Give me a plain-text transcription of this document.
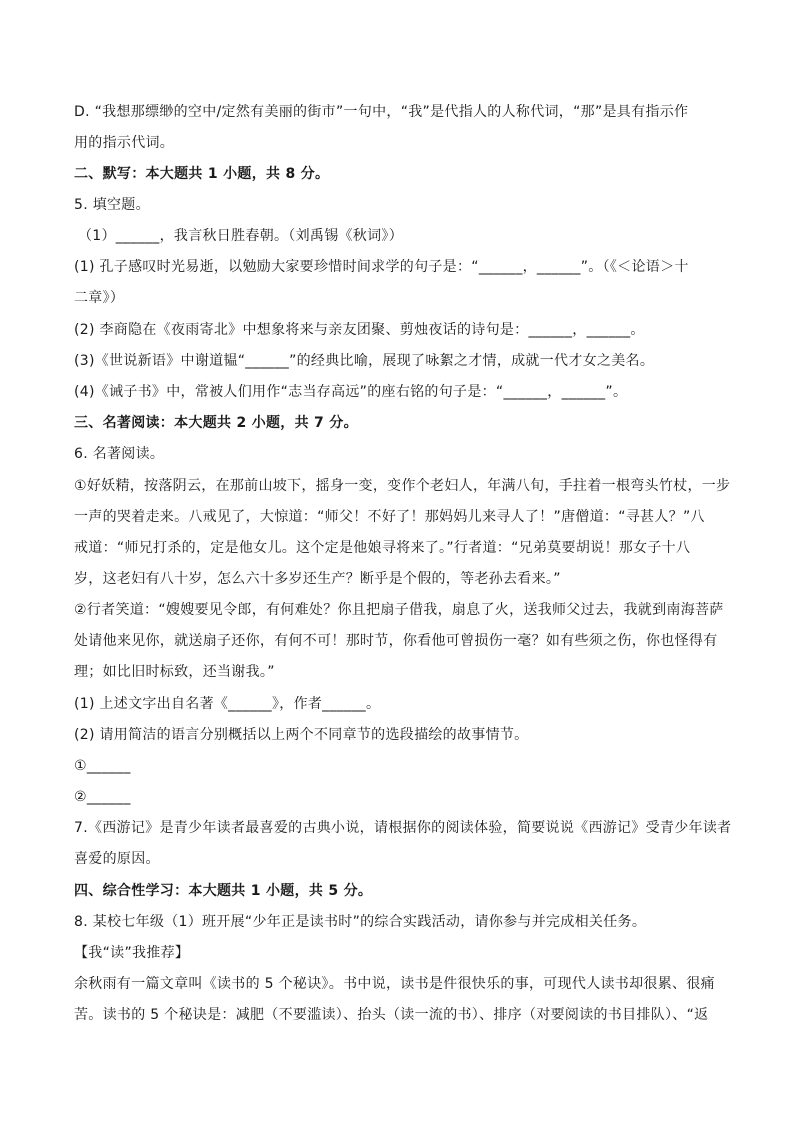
D. “我想那缥缈的空中/定然有美丽的街市”一句中，“我”是代指人的人称代词，“那”是具有指示作
用的指示代词。
二、默写：本大题共 1 小题，共 8 分。
5. 填空题。
（1）______，我言秋日胜春朝。（刘禹锡《秋词》）
(1) 孔子感叹时光易逝，以勉励大家要珍惜时间求学的句子是：“______，______”。（《＜论语＞十
二章》）
(2) 李商隐在《夜雨寄北》中想象将来与亲友团聚、剪烛夜话的诗句是：______，______。
(3)《世说新语》中谢道韫“______”的经典比喻，展现了咏絮之才情，成就一代才女之美名。
(4)《诫子书》中，常被人们用作“志当存高远”的座右铭的句子是：“______，______”。
三、名著阅读：本大题共 2 小题，共 7 分。
6. 名著阅读。
①好妖精，按落阴云，在那前山坡下，摇身一变，变作个老妇人，年满八旬，手拄着一根弯头竹杖，一步
一声的哭着走来。八戒见了，大惊道：“师父！不好了！那妈妈儿来寻人了！”唐僧道：“寻甚人？”八
戒道：“师兄打杀的，定是他女儿。这个定是他娘寻将来了。”行者道：“兄弟莫要胡说！那女子十八
岁，这老妇有八十岁，怎么六十多岁还生产？断乎是个假的，等老孙去看来。”
②行者笑道：“嫂嫂要见令郎，有何难处？你且把扇子借我，扇息了火，送我师父过去，我就到南海菩萨
处请他来见你，就送扇子还你，有何不可！那时节，你看他可曾损伤一毫？如有些须之伤，你也怪得有
理；如比旧时标致，还当谢我。”
(1) 上述文字出自名著《______》，作者______。
(2) 请用简洁的语言分别概括以上两个不同章节的选段描绘的故事情节。
①______
②______
7.《西游记》是青少年读者最喜爱的古典小说，请根据你的阅读体验，简要说说《西游记》受青少年读者
喜爱的原因。
四、综合性学习：本大题共 1 小题，共 5 分。
8. 某校七年级（1）班开展“少年正是读书时”的综合实践活动，请你参与并完成相关任务。
【我“读”我推荐】
余秋雨有一篇文章叫《读书的 5 个秘诀》。书中说，读书是件很快乐的事，可现代人读书却很累、很痛
苦。读书的 5 个秘诀是：减肥（不要滥读）、抬头（读一流的书）、排序（对要阅读的书目排队）、“返
